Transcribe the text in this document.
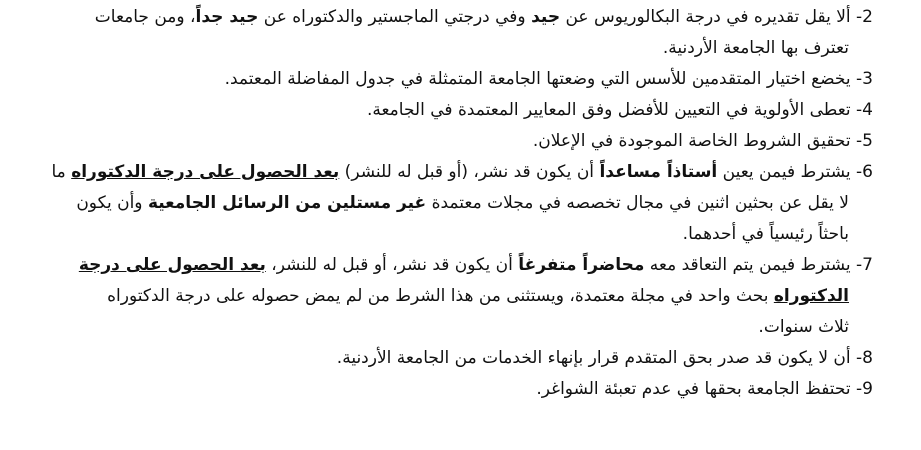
2- ألا يقل تقديره في درجة البكالوريوس عن جيد وفي درجتي الماجستير والدكتوراه عن جيد جداً، ومن جامعات
تعترف بها الجامعة الأردنية.
3- يخضع اختيار المتقدمين للأسس التي وضعتها الجامعة المتمثلة في جدول المفاضلة المعتمد.
4- تعطى الأولوية في التعيين للأفضل وفق المعايير المعتمدة في الجامعة.
5- تحقيق الشروط الخاصة الموجودة في الإعلان.
6- يشترط فيمن يعين أستاذاً مساعداً أن يكون قد نشر، (أو قبل له للنشر) بعد الحصول على درجة الدكتوراه ما
لا يقل عن بحثين اثنين في مجال تخصصه في مجلات معتمدة غير مستلين من الرسائل الجامعية وأن يكون
باحثاً رئيسياً في أحدهما.
7- يشترط فيمن يتم التعاقد معه محاضراً متفرغاً أن يكون قد نشر، أو قبل له للنشر، بعد الحصول على درجة
الدكتوراه بحث واحد في مجلة معتمدة، ويستثنى من هذا الشرط من لم يمض حصوله على درجة الدكتوراه
ثلاث سنوات.
8- أن لا يكون قد صدر بحق المتقدم قرار بإنهاء الخدمات من الجامعة الأردنية.
9- تحتفظ الجامعة بحقها في عدم تعبئة الشواغر.
